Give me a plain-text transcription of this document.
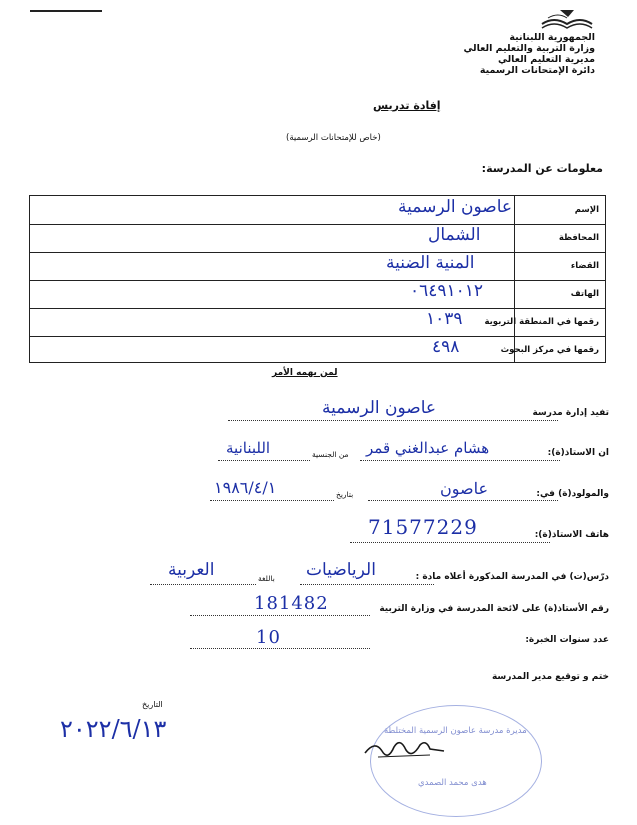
الجمهورية اللبنانية
وزارة التربية والتعليم العالي
مديرية التعليم العالي
دائرة الإمتحانات الرسمية
إفادة تدريس
(خاص للإمتحانات الرسمية)
معلومات عن المدرسة:
الإسم
عاصون الرسمية
المحافظة
الشمال
القضاء
المنية الضنية
الهاتف
٠٦٤٩١٠١٢
رقمها في المنطقة التربوية
١٠٣٩
رقمها في مركز البحوث
٤٩٨
لمن يهمه الأمر
تفيد إدارة مدرسة
عاصون الرسمية
ان الاستاذ(ة):
هشام عبدالغني قمر
من الجنسية
اللبنانية
والمولود(ة) في:
عاصون
بتاريخ
١٩٨٦/٤/١
هاتف الاستاذ(ة):
71577229
درّس(ت) في المدرسة المذكورة أعلاه مادة :
الرياضيات
باللغة
العربية
رقم الأستاذ(ة) على لائحة المدرسة في وزارة التربية
181482
عدد سنوات الخبرة:
10
ختم و توقيع مدير المدرسة
التاريخ
٢٠٢٢/٦/١٣	مديرة مدرسة عاصون الرسمية المختلطة
هدى محمد الصمدي
